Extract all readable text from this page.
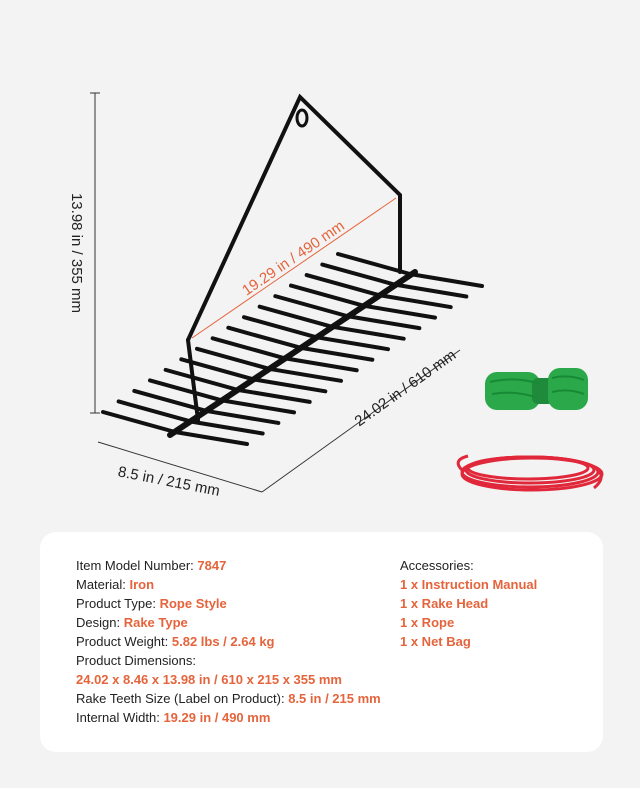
13.98 in / 355 mm	19.29 in / 490 mm
24.02 in / 610 mm
8.5 in / 215 mm
Item Model Number: 7847
Material: Iron
Product Type: Rope Style
Design: Rake Type
Product Weight: 5.82 lbs / 2.64 kg
Product Dimensions:
24.02 x 8.46 x 13.98 in / 610 x 215 x 355 mm
Rake Teeth Size (Label on Product): 8.5 in / 215 mm
Internal Width: 19.29 in / 490 mm
Accessories:
1 x Instruction Manual
1 x Rake Head
1 x Rope
1 x Net Bag
